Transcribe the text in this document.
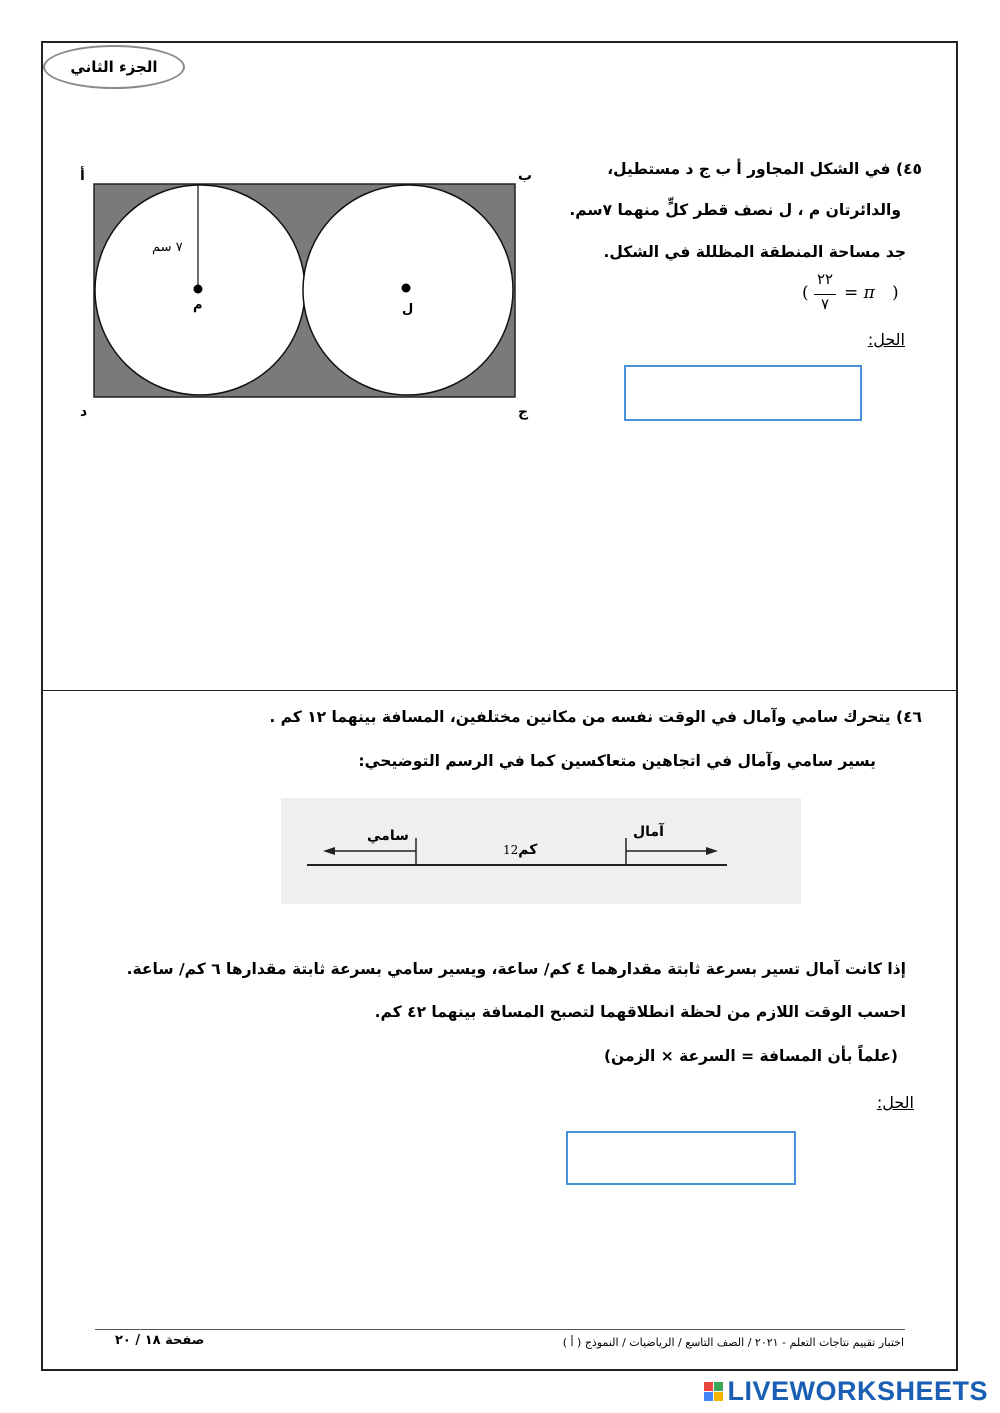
الجزء الثاني
٤٥) في الشكل المجاور أ ب ج د مستطيل،
والدائرتان م ، ل نصف قطر كلٍّ منهما ٧سم.
جد مساحة المنطقة المظللة في الشكل.
(
٢٢
٧
= π )
الحل:
أ	ب
ج
د
م	ل
٧ سم
٤٦) يتحرك سامي وآمال في الوقت نفسه من مكانين مختلفين، المسافة بينهما ١٢ كم .
يسير سامي وآمال في اتجاهين متعاكسين كما في الرسم التوضيحي:
سامي	آمال
كم12
إذا كانت آمال تسير بسرعة ثابتة مقدارهما ٤ كم/ ساعة، ويسير سامي بسرعة ثابتة مقدارها ٦ كم/ ساعة.
احسب الوقت اللازم من لحظة انطلاقهما لتصبح المسافة بينهما ٤٢ كم.
(علماً بأن المسافة = السرعة × الزمن)
الحل:
اختبار تقييم نتاجات التعلم - ٢٠٢١ / الصف التاسع / الرياضيات / النموذج ( أ )
صفحة ١٨ / ٢٠
LIVEWORKSHEETS
